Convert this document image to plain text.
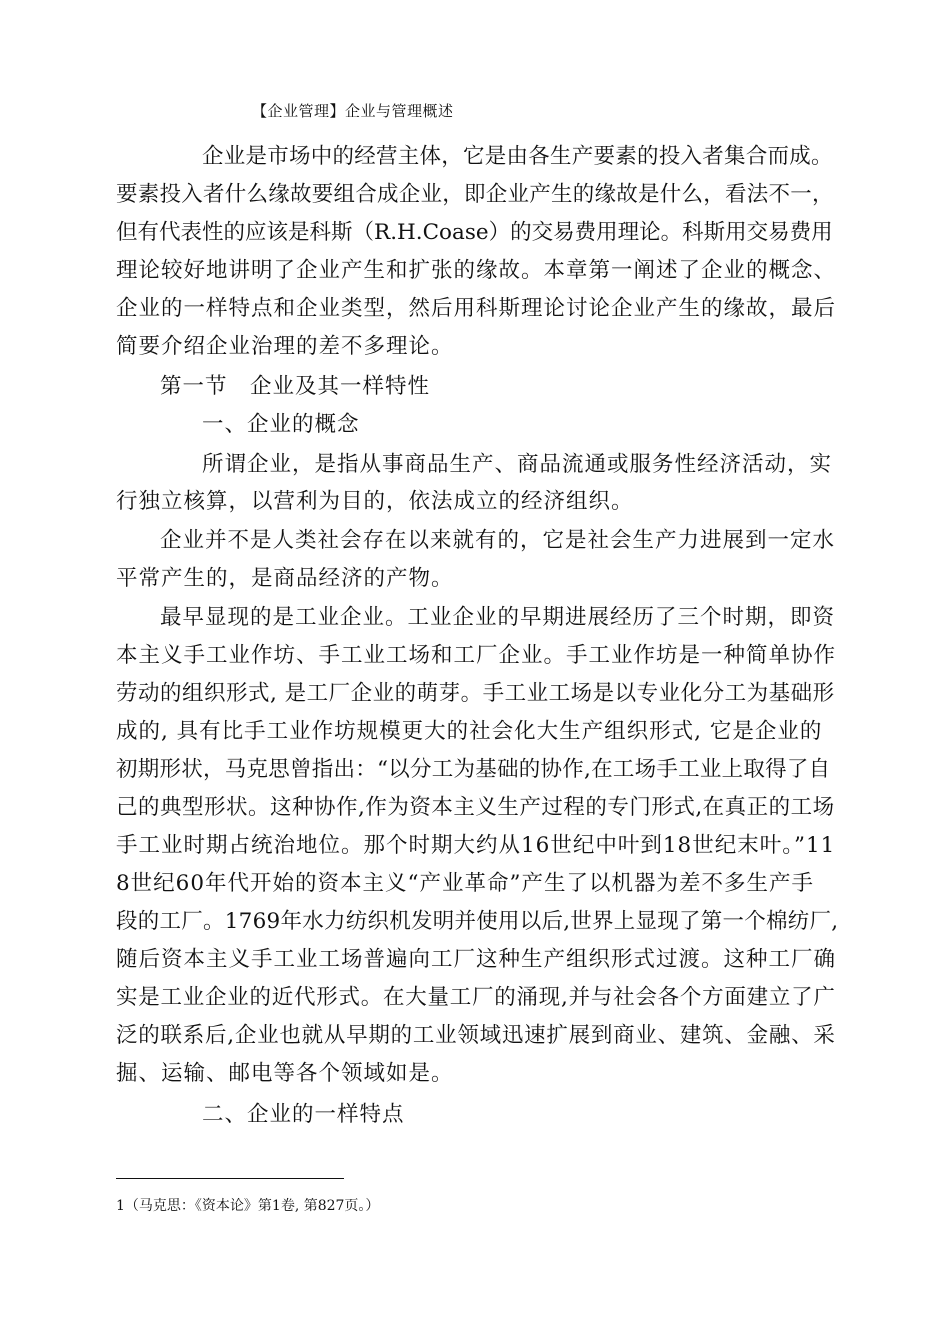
【企业管理】企业与管理概述
企业是市场中的经营主体，它是由各生产要素的投入者集合而成。
要素投入者什么缘故要组合成企业，即企业产生的缘故是什么，看法不一，
但有代表性的应该是科斯（R.H.Coase）的交易费用理论。科斯用交易费用
理论较好地讲明了企业产生和扩张的缘故。本章第一阐述了企业的概念、
企业的一样特点和企业类型，然后用科斯理论讨论企业产生的缘故，最后
简要介绍企业治理的差不多理论。
第一节　企业及其一样特性
一、企业的概念
所谓企业，是指从事商品生产、商品流通或服务性经济活动，实
行独立核算，以营利为目的，依法成立的经济组织。
企业并不是人类社会存在以来就有的，它是社会生产力进展到一定水
平常产生的，是商品经济的产物。
最早显现的是工业企业。工业企业的早期进展经历了三个时期，即资
本主义手工业作坊、手工业工场和工厂企业。手工业作坊是一种简单协作
劳动的组织形式, 是工厂企业的萌芽。手工业工场是以专业化分工为基础形
成的, 具有比手工业作坊规模更大的社会化大生产组织形式, 它是企业的
初期形状，马克思曾指出：“以分工为基础的协作,在工场手工业上取得了自
己的典型形状。这种协作,作为资本主义生产过程的专门形式,在真正的工场
手工业时期占统治地位。那个时期大约从16世纪中叶到18世纪末叶。”11
8世纪60年代开始的资本主义“产业革命”产生了以机器为差不多生产手
段的工厂。1769年水力纺织机发明并使用以后,世界上显现了第一个棉纺厂,
随后资本主义手工业工场普遍向工厂这种生产组织形式过渡。这种工厂确
实是工业企业的近代形式。在大量工厂的涌现,并与社会各个方面建立了广
泛的联系后,企业也就从早期的工业领域迅速扩展到商业、建筑、金融、采
掘、运输、邮电等各个领域如是。
二、企业的一样特点
1（马克思：《资本论》第1卷, 第827页。）
